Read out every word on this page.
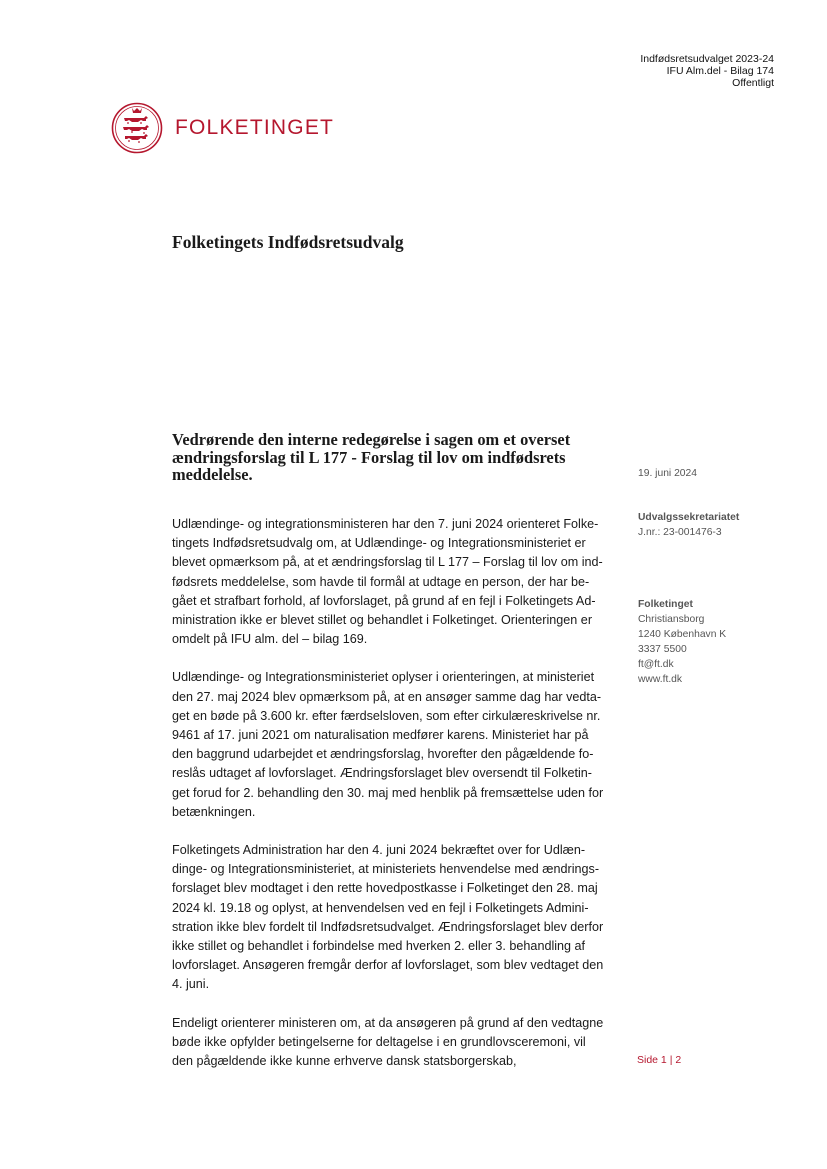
Indfødsretsudvalget 2023-24
IFU Alm.del - Bilag 174
Offentligt
FOLKETINGET
Folketingets Indfødsretsudvalg
Vedrørende den interne redegørelse i sagen om et overset ændringsforslag til L 177 - Forslag til lov om indfødsrets meddelelse.

Udlændinge- og integrationsministeren har den 7. juni 2024 orienteret Folke-tingets Indfødsretsudvalg om, at Udlændinge- og Integrationsministeriet er blevet opmærksom på, at et ændringsforslag til L 177 – Forslag til lov om ind-fødsrets meddelelse, som havde til formål at udtage en person, der har be-gået et strafbart forhold, af lovforslaget, på grund af en fejl i Folketingets Ad-ministration ikke er blevet stillet og behandlet i Folketinget. Orienteringen er omdelt på IFU alm. del – bilag 169.

Udlændinge- og Integrationsministeriet oplyser i orienteringen, at ministeriet den 27. maj 2024 blev opmærksom på, at en ansøger samme dag har vedta-get en bøde på 3.600 kr. efter færdselsloven, som efter cirkulæreskrivelse nr. 9461 af 17. juni 2021 om naturalisation medfører karens. Ministeriet har på den baggrund udarbejdet et ændringsforslag, hvorefter den pågældende fo-reslås udtaget af lovforslaget. Ændringsforslaget blev oversendt til Folketin-get forud for 2. behandling den 30. maj med henblik på fremsættelse uden for betænkningen.

Folketingets Administration har den 4. juni 2024 bekræftet over for Udlæn-dinge- og Integrationsministeriet, at ministeriets henvendelse med ændrings-forslaget blev modtaget i den rette hovedpostkasse i Folketinget den 28. maj 2024 kl. 19.18 og oplyst, at henvendelsen ved en fejl i Folketingets Admini-stration ikke blev fordelt til Indfødsretsudvalget. Ændringsforslaget blev derfor ikke stillet og behandlet i forbindelse med hverken 2. eller 3. behandling af lovforslaget. Ansøgeren fremgår derfor af lovforslaget, som blev vedtaget den 4. juni.

Endeligt orienterer ministeren om, at da ansøgeren på grund af den vedtagne bøde ikke opfylder betingelserne for deltagelse i en grundlovsceremoni, vil den pågældende ikke kunne erhverve dansk statsborgerskab,

19. juni 2024
Udvalgssekretariatet
J.nr.: 23-001476-3
Folketinget
Christiansborg
1240 København K
3337 5500
ft@ft.dk
www.ft.dk
Side 1 | 2
